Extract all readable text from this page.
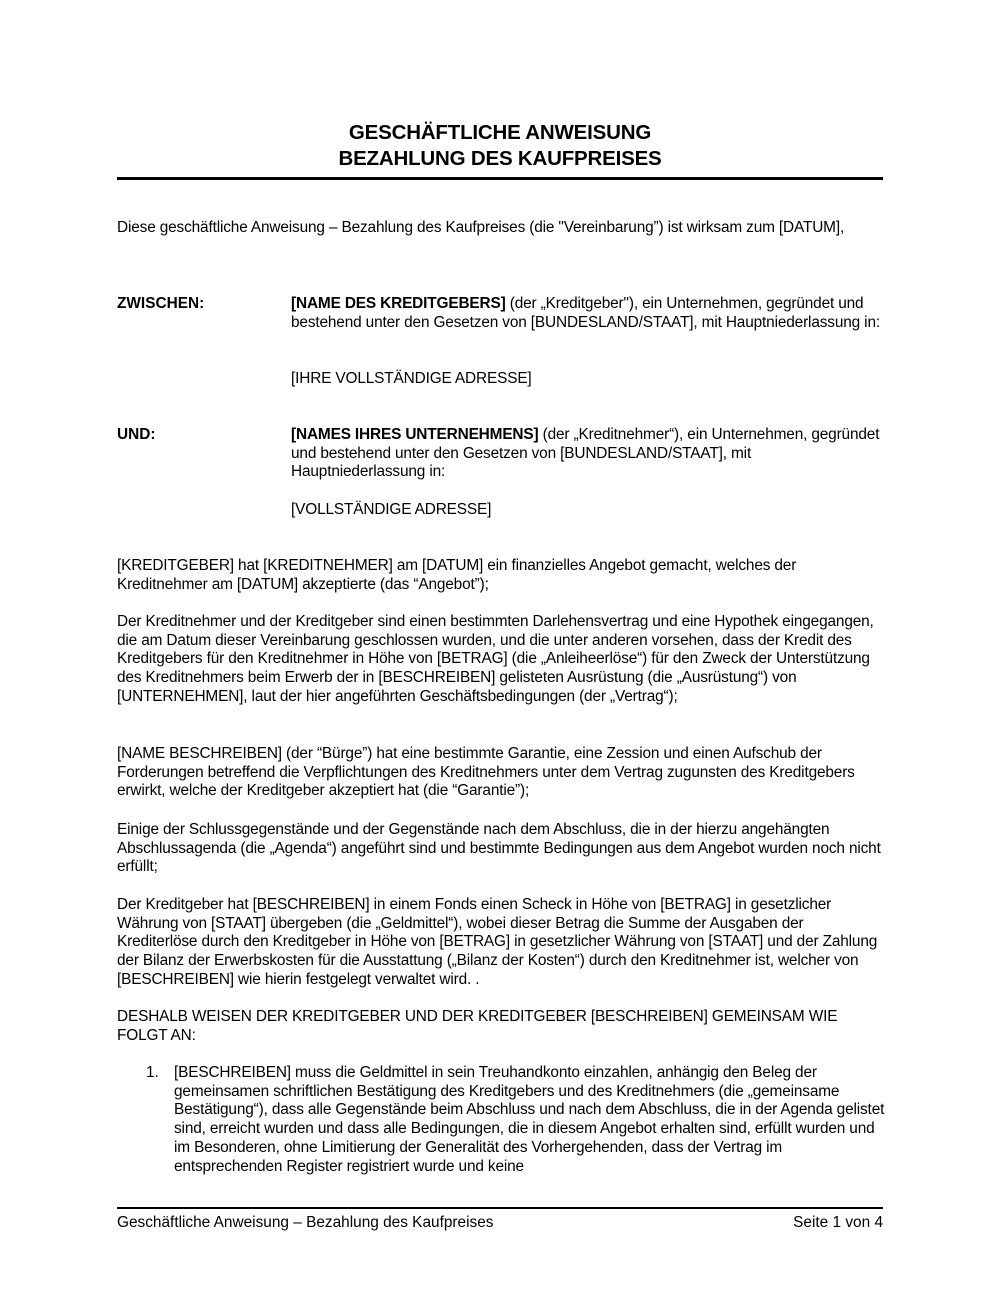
GESCHÄFTLICHE ANWEISUNG
BEZAHLUNG DES KAUFPREISES
Diese geschäftliche Anweisung – Bezahlung des Kaufpreises (die "Vereinbarung”) ist wirksam zum [DATUM],
ZWISCHEN:	[NAME DES KREDITGEBERS] (der „Kreditgeber"), ein Unternehmen, gegründet und bestehend unter den Gesetzen von [BUNDESLAND/STAAT], mit Hauptniederlassung in:
[IHRE VOLLSTÄNDIGE ADRESSE]
UND:	[NAMES IHRES UNTERNEHMENS] (der „Kreditnehmer“), ein Unternehmen, gegründet und bestehend unter den Gesetzen von [BUNDESLAND/STAAT], mit Hauptniederlassung in:
[VOLLSTÄNDIGE ADRESSE]
[KREDITGEBER] hat [KREDITNEHMER] am [DATUM] ein finanzielles Angebot gemacht, welches der Kreditnehmer am [DATUM] akzeptierte (das “Angebot”);
Der Kreditnehmer und der Kreditgeber sind einen bestimmten Darlehensvertrag und eine Hypothek eingegangen, die am Datum dieser Vereinbarung geschlossen wurden, und die unter anderen vorsehen, dass der Kredit des Kreditgebers für den Kreditnehmer in Höhe von [BETRAG] (die „Anleiheerlöse“) für den Zweck der Unterstützung des Kreditnehmers beim Erwerb der in [BESCHREIBEN] gelisteten Ausrüstung (die „Ausrüstung“) von [UNTERNEHMEN], laut der hier angeführten Geschäftsbedingungen (der „Vertrag“);
[NAME BESCHREIBEN] (der “Bürge”) hat eine bestimmte Garantie, eine Zession und einen Aufschub der Forderungen betreffend die Verpflichtungen des Kreditnehmers unter dem Vertrag zugunsten des Kreditgebers erwirkt, welche der Kreditgeber akzeptiert hat (die “Garantie”);
Einige der Schlussgegenstände und der Gegenstände nach dem Abschluss, die in der hierzu angehängten Abschlussagenda (die „Agenda“) angeführt sind und bestimmte Bedingungen aus dem Angebot wurden noch nicht erfüllt;
Der Kreditgeber hat [BESCHREIBEN] in einem Fonds einen Scheck in Höhe von [BETRAG] in gesetzlicher Währung von [STAAT] übergeben (die „Geldmittel“), wobei dieser Betrag die Summe der Ausgaben der Krediterlöse durch den Kreditgeber in Höhe von [BETRAG] in gesetzlicher Währung von [STAAT] und der Zahlung der Bilanz der Erwerbskosten für die Ausstattung („Bilanz der Kosten“) durch den Kreditnehmer ist, welcher von [BESCHREIBEN] wie hierin festgelegt verwaltet wird. .
DESHALB WEISEN DER KREDITGEBER UND DER KREDITGEBER [BESCHREIBEN] GEMEINSAM WIE FOLGT AN:
1. [BESCHREIBEN] muss die Geldmittel in sein Treuhandkonto einzahlen, anhängig den Beleg der gemeinsamen schriftlichen Bestätigung des Kreditgebers und des Kreditnehmers (die „gemeinsame Bestätigung“), dass alle Gegenstände beim Abschluss und nach dem Abschluss, die in der Agenda gelistet sind, erreicht wurden und dass alle Bedingungen, die in diesem Angebot erhalten sind, erfüllt wurden und im Besonderen, ohne Limitierung der Generalität des Vorhergehenden, dass der Vertrag im entsprechenden Register registriert wurde und keine
Geschäftliche Anweisung – Bezahlung des Kaufpreises	Seite 1 von 4
